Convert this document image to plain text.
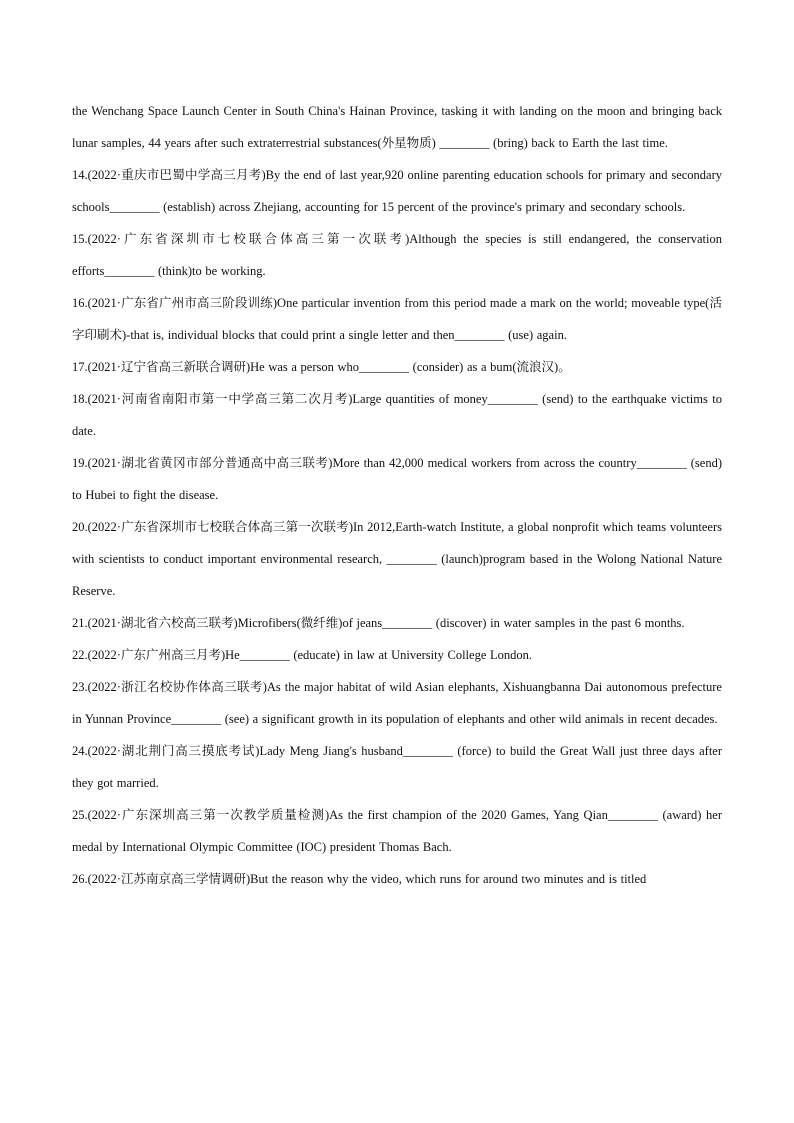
the Wenchang Space Launch Center in South China's Hainan Province, tasking it with landing on the moon and bringing back lunar samples, 44 years after such extraterrestrial substances(外星物质) ________ (bring) back to Earth the last time.

14.(2022·重庆市巴蜀中学高三月考)By the end of last year,920 online parenting education schools for primary and secondary schools________ (establish) across Zhejiang, accounting for 15 percent of the province's primary and secondary schools.

15.(2022·广东省深圳市七校联合体高三第一次联考)Although the species is still endangered, the conservation efforts________ (think)to be working.

16.(2021·广东省广州市高三阶段训练)One particular invention from this period made a mark on the world; moveable type(活字印刷术)-that is, individual blocks that could print a single letter and then________ (use) again.

17.(2021·辽宁省高三新联合调研)He was a person who________ (consider) as a bum(流浪汉)。

18.(2021·河南省南阳市第一中学高三第二次月考)Large quantities of money________ (send) to the earthquake victims to date.

19.(2021·湖北省黄冈市部分普通高中高三联考)More than 42,000 medical workers from across the country________ (send) to Hubei to fight the disease.

20.(2022·广东省深圳市七校联合体高三第一次联考)In 2012,Earth-watch Institute, a global nonprofit which teams volunteers with scientists to conduct important environmental research, ________ (launch)program based in the Wolong National Nature Reserve.

21.(2021·湖北省六校高三联考)Microfibers(微纤维)of jeans________ (discover) in water samples in the past 6 months.

22.(2022·广东广州高三月考)He________ (educate) in law at University College London.

23.(2022·浙江名校协作体高三联考)As the major habitat of wild Asian elephants, Xishuangbanna Dai autonomous prefecture in Yunnan Province________ (see) a significant growth in its population of elephants and other wild animals in recent decades.

24.(2022·湖北荆门高三摸底考试)Lady Meng Jiang's husband________ (force) to build the Great Wall just three days after they got married.

25.(2022·广东深圳高三第一次教学质量检测)As the first champion of the 2020 Games, Yang Qian________ (award) her medal by International Olympic Committee (IOC) president Thomas Bach.

26.(2022·江苏南京高三学情调研)But the reason why the video, which runs for around two minutes and is titled
